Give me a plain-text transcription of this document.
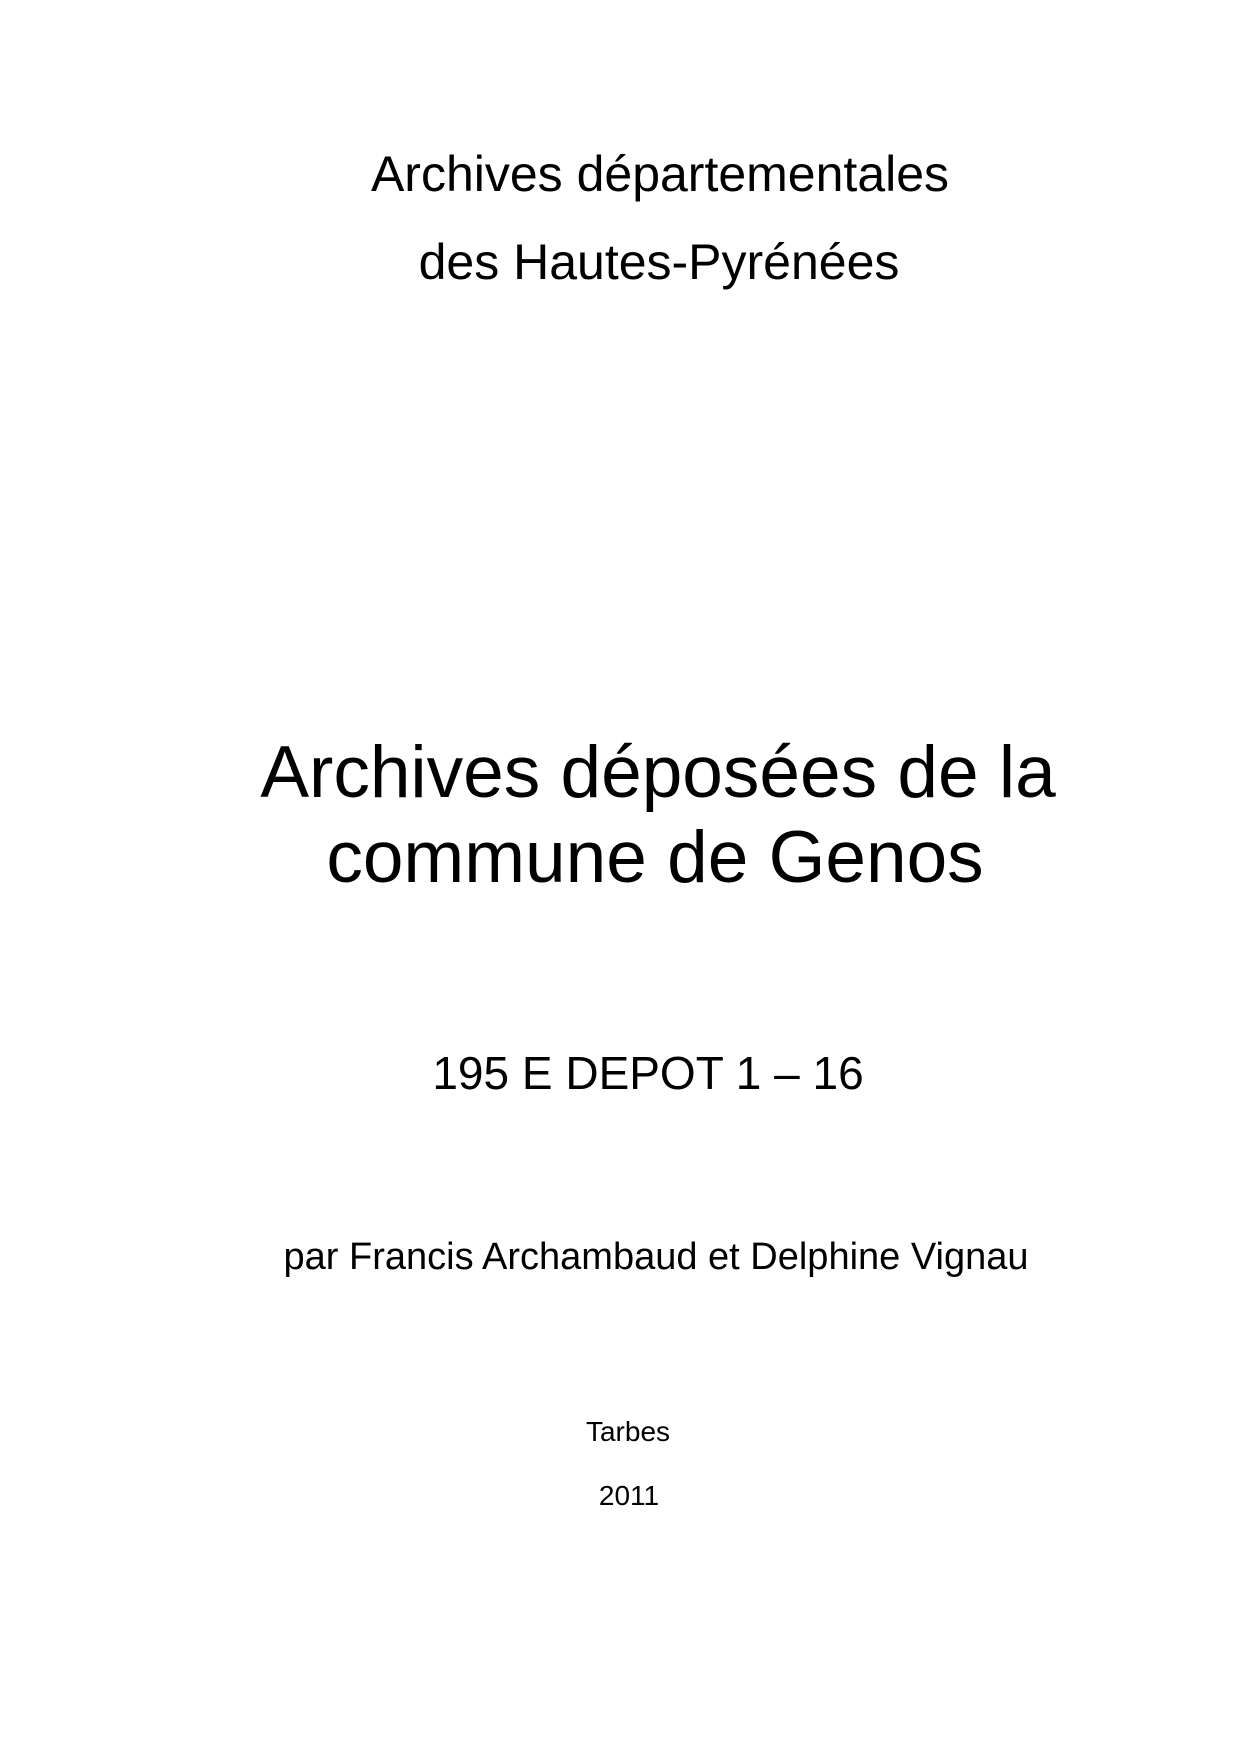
Archives départementales
des Hautes-Pyrénées
Archives déposées de la
commune de Genos
195 E DEPOT 1 – 16
par Francis Archambaud et Delphine Vignau
Tarbes
2011
